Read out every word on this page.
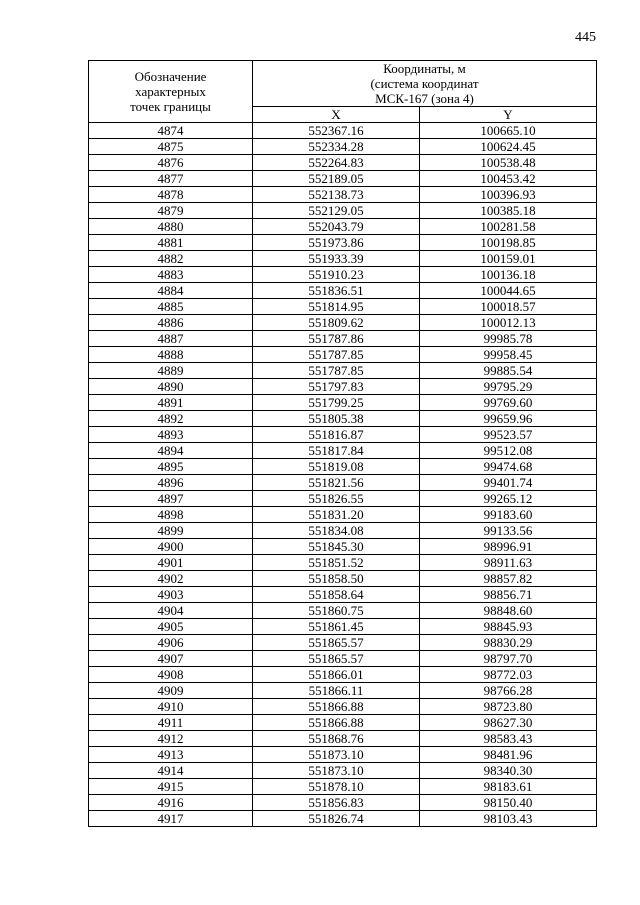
445
Обозначение
характерных
точек границы	Координаты, м
(система координат
МСК-167 (зона 4)	

	X	Y
4874	552367.16	100665.10
4875	552334.28	100624.45
4876	552264.83	100538.48
4877	552189.05	100453.42
4878	552138.73	100396.93
4879	552129.05	100385.18
4880	552043.79	100281.58
4881	551973.86	100198.85
4882	551933.39	100159.01
4883	551910.23	100136.18
4884	551836.51	100044.65
4885	551814.95	100018.57
4886	551809.62	100012.13
4887	551787.86	99985.78
4888	551787.85	99958.45
4889	551787.85	99885.54
4890	551797.83	99795.29
4891	551799.25	99769.60
4892	551805.38	99659.96
4893	551816.87	99523.57
4894	551817.84	99512.08
4895	551819.08	99474.68
4896	551821.56	99401.74
4897	551826.55	99265.12
4898	551831.20	99183.60
4899	551834.08	99133.56
4900	551845.30	98996.91
4901	551851.52	98911.63
4902	551858.50	98857.82
4903	551858.64	98856.71
4904	551860.75	98848.60
4905	551861.45	98845.93
4906	551865.57	98830.29
4907	551865.57	98797.70
4908	551866.01	98772.03
4909	551866.11	98766.28
4910	551866.88	98723.80
4911	551866.88	98627.30
4912	551868.76	98583.43
4913	551873.10	98481.96
4914	551873.10	98340.30
4915	551878.10	98183.61
4916	551856.83	98150.40
4917	551826.74	98103.43
